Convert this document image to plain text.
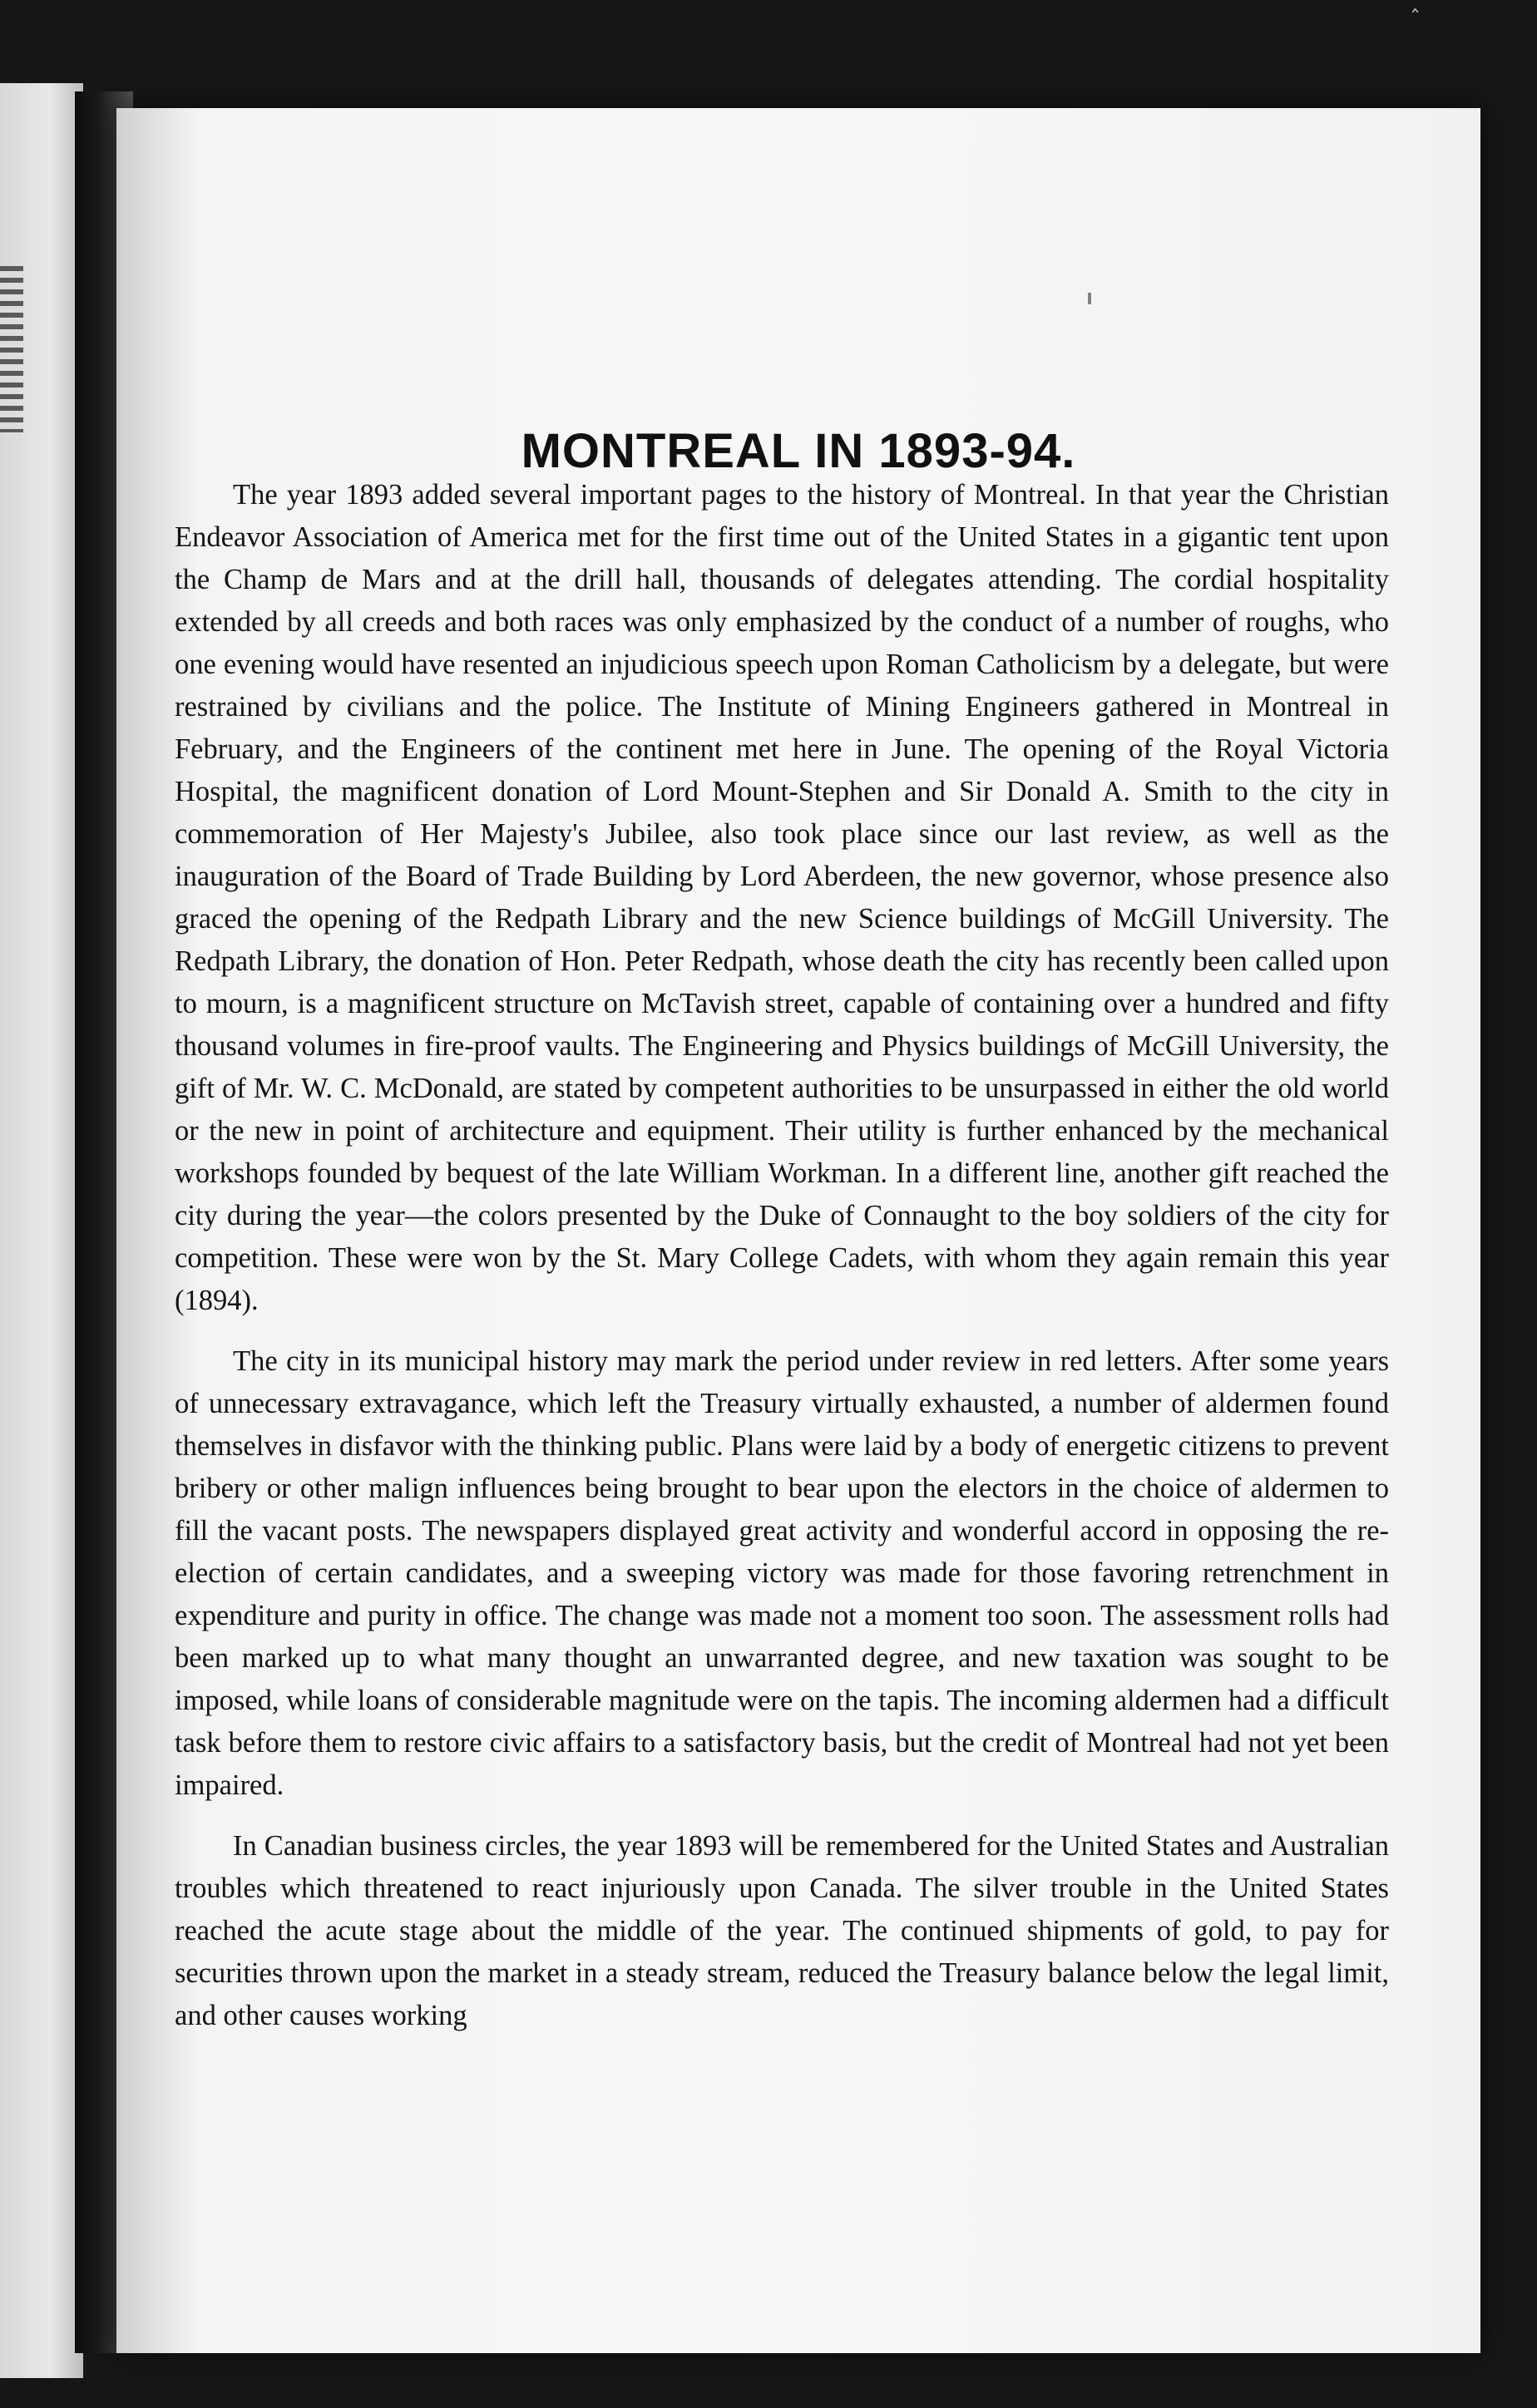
ˆ
MONTREAL IN 1893-94.

The year 1893 added several important pages to the history of Montreal. In that year the Christian Endeavor Association of America met for the first time out of the United States in a gigantic tent upon the Champ de Mars and at the drill hall, thousands of delegates attending. The cordial hospitality extended by all creeds and both races was only emphasized by the conduct of a number of roughs, who one evening would have resented an injudicious speech upon Roman Catholicism by a delegate, but were restrained by civilians and the police. The Institute of Mining Engineers gathered in Montreal in February, and the Engineers of the continent met here in June. The opening of the Royal Victoria Hospital, the magnificent donation of Lord Mount-Stephen and Sir Donald A. Smith to the city in commemoration of Her Majesty's Jubilee, also took place since our last review, as well as the inauguration of the Board of Trade Building by Lord Aberdeen, the new governor, whose presence also graced the opening of the Redpath Library and the new Science buildings of McGill University. The Redpath Library, the donation of Hon. Peter Redpath, whose death the city has recently been called upon to mourn, is a magnificent structure on McTavish street, capable of containing over a hundred and fifty thousand volumes in fire-proof vaults. The Engineering and Physics buildings of McGill University, the gift of Mr. W. C. McDonald, are stated by competent authorities to be unsurpassed in either the old world or the new in point of architecture and equipment. Their utility is further enhanced by the mechanical workshops founded by bequest of the late William Workman. In a different line, another gift reached the city during the year—the colors presented by the Duke of Connaught to the boy soldiers of the city for competition. These were won by the St. Mary College Cadets, with whom they again remain this year (1894).

The city in its municipal history may mark the period under review in red letters. After some years of unnecessary extravagance, which left the Treasury virtually exhausted, a number of aldermen found themselves in disfavor with the thinking public. Plans were laid by a body of energetic citizens to prevent bribery or other malign influences being brought to bear upon the electors in the choice of aldermen to fill the vacant posts. The newspapers displayed great activity and wonderful accord in opposing the re-election of certain candidates, and a sweeping victory was made for those favoring retrenchment in expenditure and purity in office. The change was made not a moment too soon. The assessment rolls had been marked up to what many thought an unwarranted degree, and new taxation was sought to be imposed, while loans of considerable magnitude were on the tapis. The incoming aldermen had a difficult task before them to restore civic affairs to a satisfactory basis, but the credit of Montreal had not yet been impaired.

In Canadian business circles, the year 1893 will be remembered for the United States and Australian troubles which threatened to react injuriously upon Canada. The silver trouble in the United States reached the acute stage about the middle of the year. The continued shipments of gold, to pay for securities thrown upon the market in a steady stream, reduced the Treasury balance below the legal limit, and other causes working
